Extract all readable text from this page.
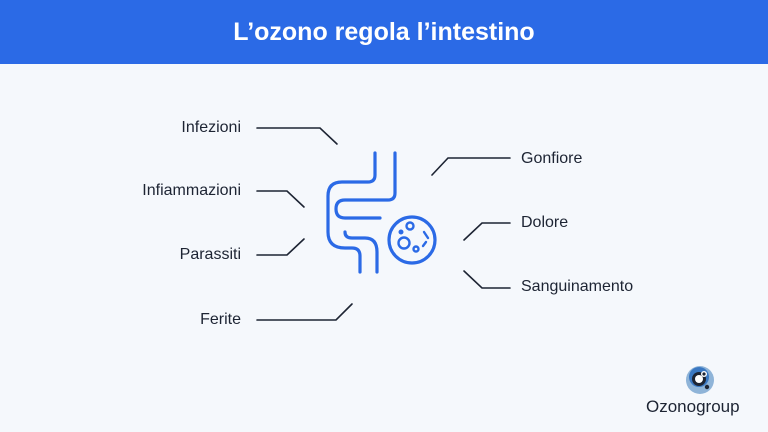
L’ozono regola l’intestino
Infezioni
Infiammazioni
Parassiti
Ferite
Gonfiore
Dolore
Sanguinamento
Ozonogroup
